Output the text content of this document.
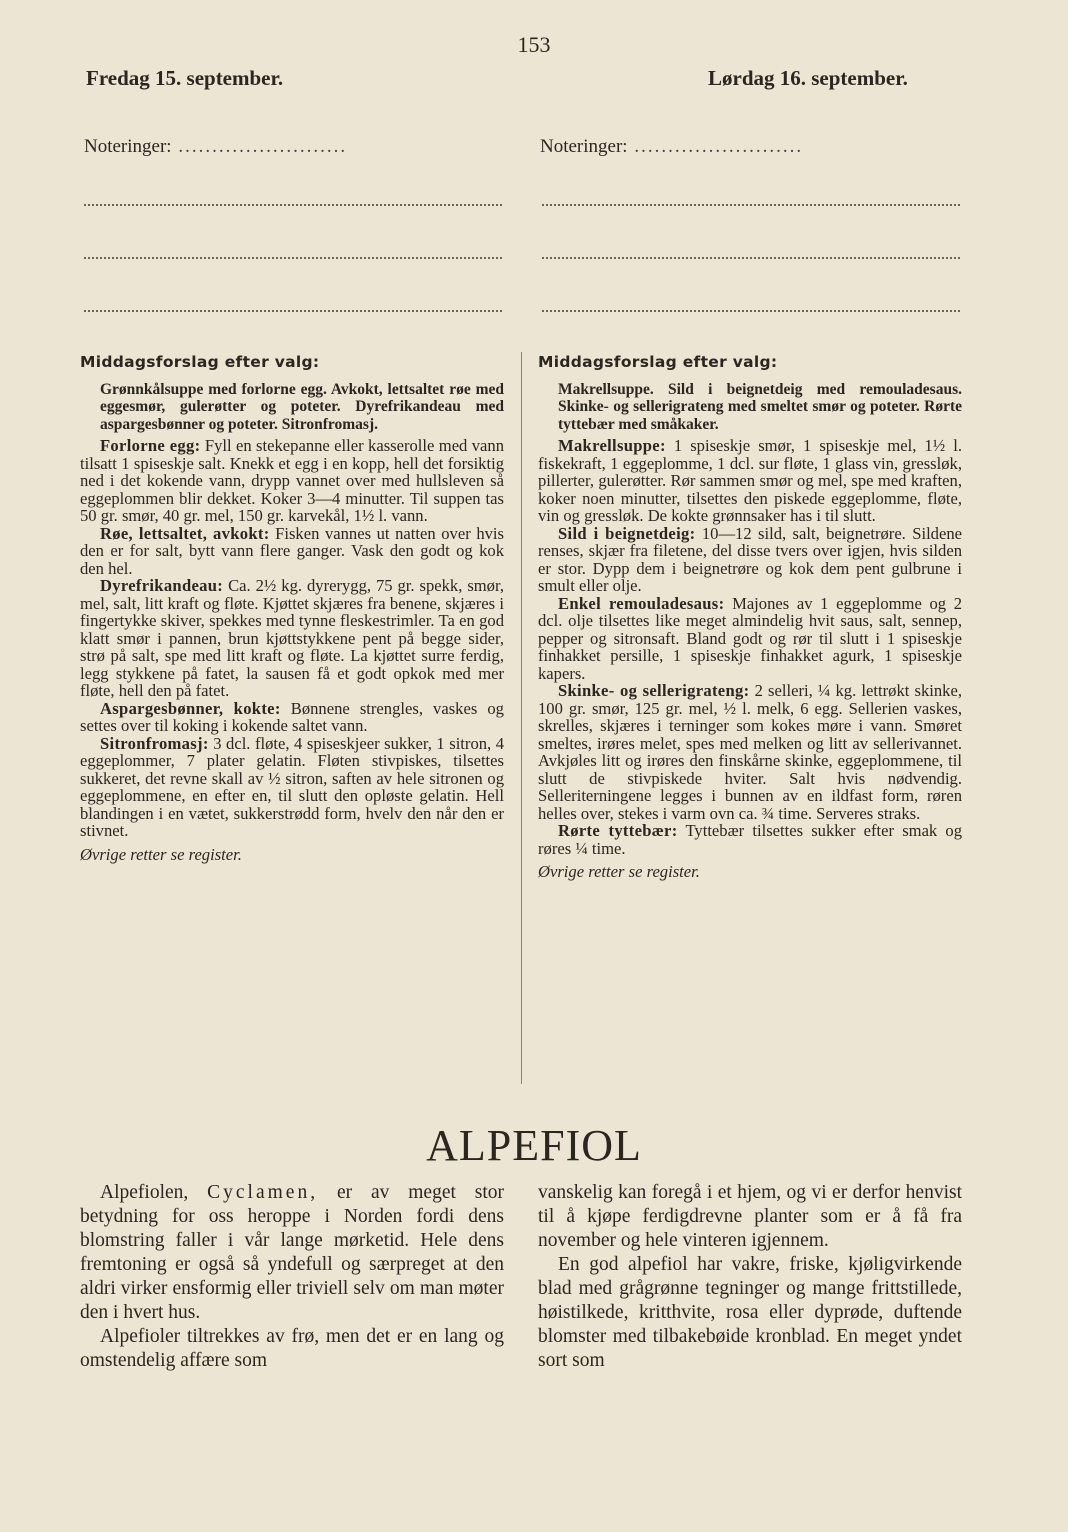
153
Fredag 15. september.	Lørdag 16. september.
Noteringer: .........................	Noteringer: .........................
Middagsforslag efter valg:

Grønnkålsuppe med forlorne egg. Avkokt, lettsaltet røe med eggesmør, gulerøtter og poteter. Dyrefrikandeau med aspargesbønner og poteter. Sitronfromasj.

Forlorne egg: Fyll en stekepanne eller kasserolle med vann tilsatt 1 spiseskje salt. Knekk et egg i en kopp, hell det forsiktig ned i det kokende vann, drypp vannet over med hullsleven så eggeplommen blir dekket. Koker 3—4 minutter. Til suppen tas 50 gr. smør, 40 gr. mel, 150 gr. karvekål, 1½ l. vann.

Røe, lettsaltet, avkokt: Fisken vannes ut natten over hvis den er for salt, bytt vann flere ganger. Vask den godt og kok den hel.

Dyrefrikandeau: Ca. 2½ kg. dyrerygg, 75 gr. spekk, smør, mel, salt, litt kraft og fløte. Kjøttet skjæres fra benene, skjæres i fingertykke skiver, spekkes med tynne fleskestrimler. Ta en god klatt smør i pannen, brun kjøttstykkene pent på begge sider, strø på salt, spe med litt kraft og fløte. La kjøttet surre ferdig, legg stykkene på fatet, la sausen få et godt opkok med mer fløte, hell den på fatet.

Aspargesbønner, kokte: Bønnene strengles, vaskes og settes over til koking i kokende saltet vann.

Sitronfromasj: 3 dcl. fløte, 4 spiseskjeer sukker, 1 sitron, 4 eggeplommer, 7 plater gelatin. Fløten stivpiskes, tilsettes sukkeret, det revne skall av ½ sitron, saften av hele sitronen og eggeplommene, en efter en, til slutt den opløste gelatin. Hell blandingen i en vætet, sukkerstrødd form, hvelv den når den er stivnet.

Øvrige retter se register.

Middagsforslag efter valg:

Makrellsuppe. Sild i beignetdeig med remouladesaus. Skinke- og sellerigrateng med smeltet smør og poteter. Rørte tyttebær med småkaker.

Makrellsuppe: 1 spiseskje smør, 1 spiseskje mel, 1½ l. fiskekraft, 1 eggeplomme, 1 dcl. sur fløte, 1 glass vin, gressløk, pillerter, gulerøtter. Rør sammen smør og mel, spe med kraften, koker noen minutter, tilsettes den piskede eggeplomme, fløte, vin og gressløk. De kokte grønnsaker has i til slutt.

Sild i beignetdeig: 10—12 sild, salt, beignetrøre. Sildene renses, skjær fra filetene, del disse tvers over igjen, hvis silden er stor. Dypp dem i beignetrøre og kok dem pent gulbrune i smult eller olje.

Enkel remouladesaus: Majones av 1 eggeplomme og 2 dcl. olje tilsettes like meget almindelig hvit saus, salt, sennep, pepper og sitronsaft. Bland godt og rør til slutt i 1 spiseskje finhakket persille, 1 spiseskje finhakket agurk, 1 spiseskje kapers.

Skinke- og sellerigrateng: 2 selleri, ¼ kg. lettrøkt skinke, 100 gr. smør, 125 gr. mel, ½ l. melk, 6 egg. Sellerien vaskes, skrelles, skjæres i terninger som kokes møre i vann. Smøret smeltes, irøres melet, spes med melken og litt av sellerivannet. Avkjøles litt og irøres den finskårne skinke, eggeplommene, til slutt de stivpiskede hviter. Salt hvis nødvendig. Selleriterningene legges i bunnen av en ildfast form, røren helles over, stekes i varm ovn ca. ¾ time. Serveres straks.

Rørte tyttebær: Tyttebær tilsettes sukker efter smak og røres ¼ time.

Øvrige retter se register.

ALPEFIOL

Alpefiolen, Cyclamen, er av meget stor betydning for oss heroppe i Norden fordi dens blomstring faller i vår lange mørketid. Hele dens fremtoning er også så yndefull og særpreget at den aldri virker ensformig eller triviell selv om man møter den i hvert hus.

Alpefioler tiltrekkes av frø, men det er en lang og omstendelig affære som

vanskelig kan foregå i et hjem, og vi er derfor henvist til å kjøpe ferdigdrevne planter som er å få fra november og hele vinteren igjennem.

En god alpefiol har vakre, friske, kjøligvirkende blad med grågrønne tegninger og mange frittstillede, høistilkede, kritthvite, rosa eller dyprøde, duftende blomster med tilbakebøide kronblad. En meget yndet sort som
